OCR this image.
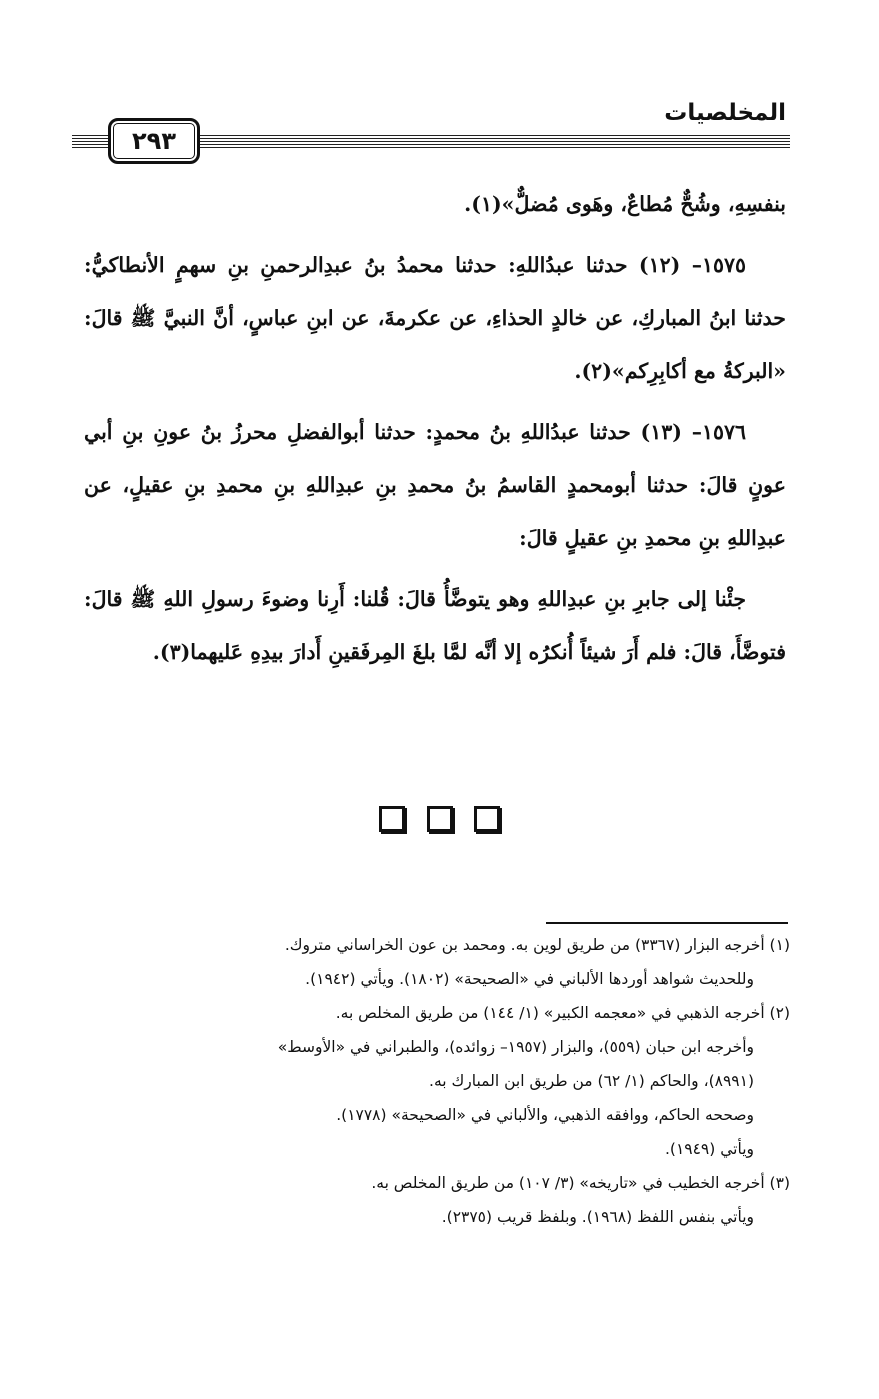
المخلصيات
٢٩٣

بنفسِهِ، وشُحٌّ مُطاعٌ، وهَوى مُضلٌّ»(١).

١٥٧٥– (١٢) حدثنا عبدُاللهِ: حدثنا محمدُ بنُ عبدِالرحمنِ بنِ سهمٍ الأنطاكيُّ: حدثنا ابنُ المباركِ، عن خالدٍ الحذاءِ، عن عكرمةَ، عن ابنِ عباسٍ، أنَّ النبيَّ ﷺ قالَ: «البركةُ مع أكابِرِكم»(٢).

١٥٧٦– (١٣) حدثنا عبدُاللهِ بنُ محمدٍ: حدثنا أبوالفضلِ محرزُ بنُ عونِ بنِ أبي عونٍ قالَ: حدثنا أبومحمدٍ القاسمُ بنُ محمدِ بنِ عبدِاللهِ بنِ محمدِ بنِ عقيلٍ، عن عبدِاللهِ بنِ محمدِ بنِ عقيلٍ قالَ:

جئْنا إلى جابرِ بنِ عبدِاللهِ وهو يتوضَّأُ قالَ: قُلنا: أَرِنا وضوءَ رسولِ اللهِ ﷺ قالَ: فتوضَّأَ، قالَ: فلم أَرَ شيئاً أُنكرُه إلا أنَّه لمَّا بلغَ المِرفَقينِ أَدارَ بيدِهِ عَليهما(٣).

(١) أخرجه البزار (٣٣٦٧) من طريق لوين به. ومحمد بن عون الخراساني متروك.
وللحديث شواهد أوردها الألباني في «الصحيحة» (١٨٠٢). ويأتي (١٩٤٢).
(٢) أخرجه الذهبي في «معجمه الكبير» (١/ ١٤٤) من طريق المخلص به.
وأخرجه ابن حبان (٥٥٩)، والبزار (١٩٥٧– زوائده)، والطبراني في «الأوسط»
(٨٩٩١)، والحاكم (١/ ٦٢) من طريق ابن المبارك به.
وصححه الحاكم، ووافقه الذهبي، والألباني في «الصحيحة» (١٧٧٨).
ويأتي (١٩٤٩).
(٣) أخرجه الخطيب في «تاريخه» (٣/ ١٠٧) من طريق المخلص به.
ويأتي بنفس اللفظ (١٩٦٨). وبلفظ قريب (٢٣٧٥).
